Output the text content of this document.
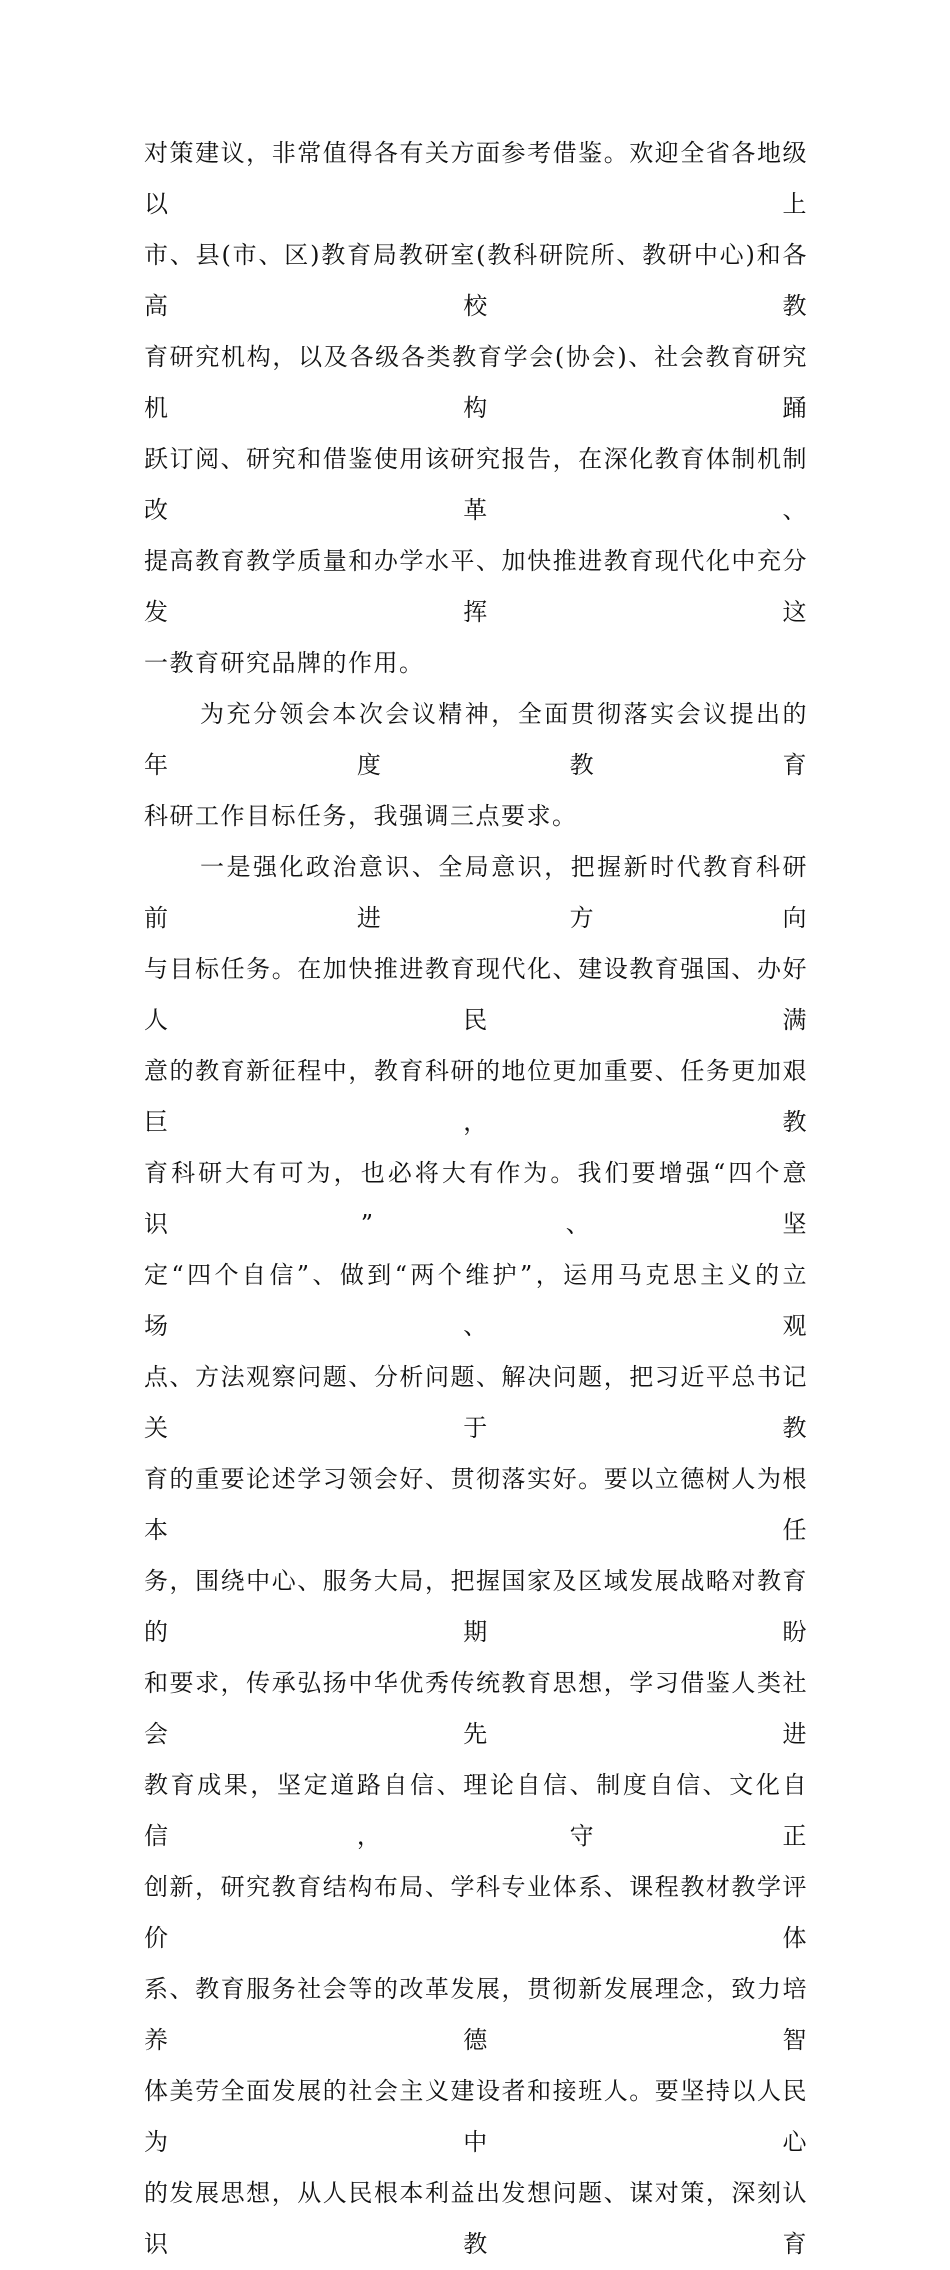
对策建议，非常值得各有关方面参考借鉴。欢迎全省各地级以上

市、县(市、区)教育局教研室(教科研院所、教研中心)和各高校教

育研究机构，以及各级各类教育学会(协会)、社会教育研究机构踊

跃订阅、研究和借鉴使用该研究报告，在深化教育体制机制改革、

提高教育教学质量和办学水平、加快推进教育现代化中充分发挥这

一教育研究品牌的作用。

为充分领会本次会议精神，全面贯彻落实会议提出的年度教育

科研工作目标任务，我强调三点要求。

一是强化政治意识、全局意识，把握新时代教育科研前进方向

与目标任务。在加快推进教育现代化、建设教育强国、办好人民满

意的教育新征程中，教育科研的地位更加重要、任务更加艰巨，教

育科研大有可为，也必将大有作为。我们要增强“四个意识”、坚

定“四个自信”、做到“两个维护”，运用马克思主义的立场、观

点、方法观察问题、分析问题、解决问题，把习近平总书记关于教

育的重要论述学习领会好、贯彻落实好。要以立德树人为根本任

务，围绕中心、服务大局，把握国家及区域发展战略对教育的期盼

和要求，传承弘扬中华优秀传统教育思想，学习借鉴人类社会先进

教育成果，坚定道路自信、理论自信、制度自信、文化自信，守正

创新，研究教育结构布局、学科专业体系、课程教材教学评价体

系、教育服务社会等的改革发展，贯彻新发展理念，致力培养德智

体美劳全面发展的社会主义建设者和接班人。要坚持以人民为中心

的发展思想，从人民根本利益出发想问题、谋对策，深刻认识教育
